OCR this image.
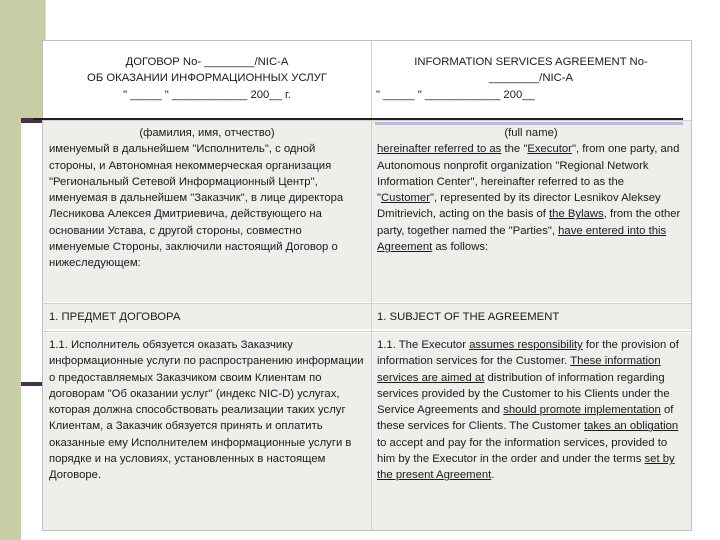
ДОГОВОР No- ________/NIC-A

ОБ ОКАЗАНИИ ИНФОРМАЦИОННЫХ УСЛУГ

" _____ " ____________ 200__ г.

INFORMATION SERVICES AGREEMENT No-

________/NIC-A

" _____ " ____________ 200__

(фамилия, имя, отчество)

именуемый в дальнейшем "Исполнитель", с одной стороны, и Автономная некоммерческая организация "Региональный Сетевой Информационный Центр", именуемая в дальнейшем "Заказчик", в лице директора Лесникова Алексея Дмитриевича, действующего на основании Устава, с другой стороны, совместно именуемые Стороны, заключили настоящий Договор о нижеследующем:

(full name)

hereinafter referred to as the "Executor", from one party, and Autonomous nonprofit organization "Regional Network Information Center", hereinafter referred to as the "Customer", represented by its director Lesnikov Aleksey Dmitrievich, acting on the basis of the Bylaws, from the other party, together named the "Parties", have entered into this Agreement as follows:

1. ПРЕДМЕТ ДОГОВОРА	1. SUBJECT OF THE AGREEMENT

1.1. Исполнитель обязуется оказать Заказчику информационные услуги по распространению информации о предоставляемых Заказчиком своим Клиентам по договорам "Об оказании услуг" (индекс NIC-D) услугах, которая должна способствовать реализации таких услуг Клиентам, а Заказчик обязуется принять и оплатить оказанные ему Исполнителем информационные услуги в порядке и на условиях, установленных в настоящем Договоре.

1.1. The Executor assumes responsibility for the provision of information services for the Customer. These information services are aimed at distribution of information regarding services provided by the Customer to his Clients under the Service Agreements and should promote implementation of these services for Clients. The Customer takes an obligation to accept and pay for the information services, provided to him by the Executor in the order and under the terms set by the present Agreement.
